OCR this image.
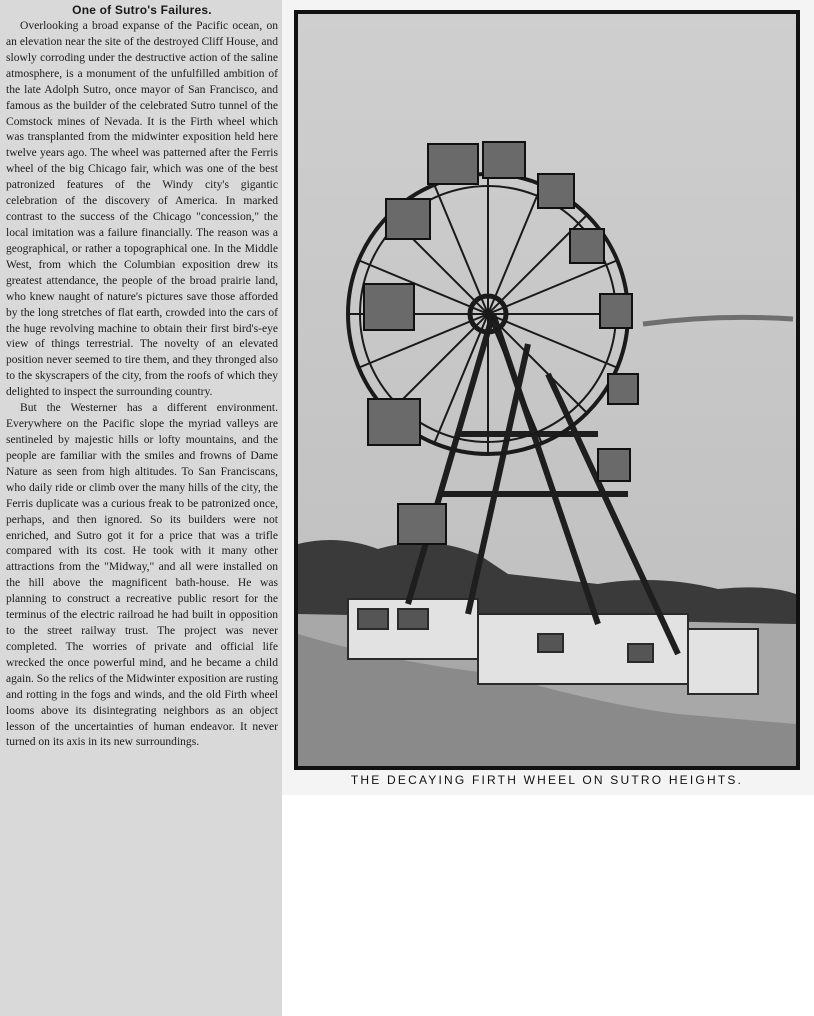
One of Sutro's Failures.

Overlooking a broad expanse of the Pacific ocean, on an elevation near the site of the destroyed Cliff House, and slowly corroding under the destructive action of the saline atmosphere, is a monument of the unfulfilled ambition of the late Adolph Sutro, once mayor of San Francisco, and famous as the builder of the celebrated Sutro tunnel of the Comstock mines of Nevada. It is the Firth wheel which was transplanted from the midwinter exposition held here twelve years ago. The wheel was patterned after the Ferris wheel of the big Chicago fair, which was one of the best patronized features of the Windy city's gigantic celebration of the discovery of America. In marked contrast to the success of the Chicago "concession," the local imitation was a failure financially. The reason was a geographical, or rather a topographical one. In the Middle West, from which the Columbian exposition drew its greatest attendance, the people of the broad prairie land, who knew naught of nature's pictures save those afforded by the long stretches of flat earth, crowded into the cars of the huge revolving machine to obtain their first bird's-eye view of things terrestrial. The novelty of an elevated position never seemed to tire them, and they thronged also to the skyscrapers of the city, from the roofs of which they delighted to inspect the surrounding country.

But the Westerner has a different environment. Everywhere on the Pacific slope the myriad valleys are sentineled by majestic hills or lofty mountains, and the people are familiar with the smiles and frowns of Dame Nature as seen from high altitudes. To San Franciscans, who daily ride or climb over the many hills of the city, the Ferris duplicate was a curious freak to be patronized once, perhaps, and then ignored. So its builders were not enriched, and Sutro got it for a price that was a trifle compared with its cost. He took with it many other attractions from the "Midway," and all were installed on the hill above the magnificent bath-house. He was planning to construct a recreative public resort for the terminus of the electric railroad he had built in opposition to the street railway trust. The project was never completed. The worries of private and official life wrecked the once powerful mind, and he became a child again. So the relics of the Midwinter exposition are rusting and rotting in the fogs and winds, and the old Firth wheel looms above its disintegrating neighbors as an object lesson of the uncertainties of human endeavor. It never turned on its axis in its new surroundings.

THE DECAYING FIRTH WHEEL ON SUTRO HEIGHTS.
